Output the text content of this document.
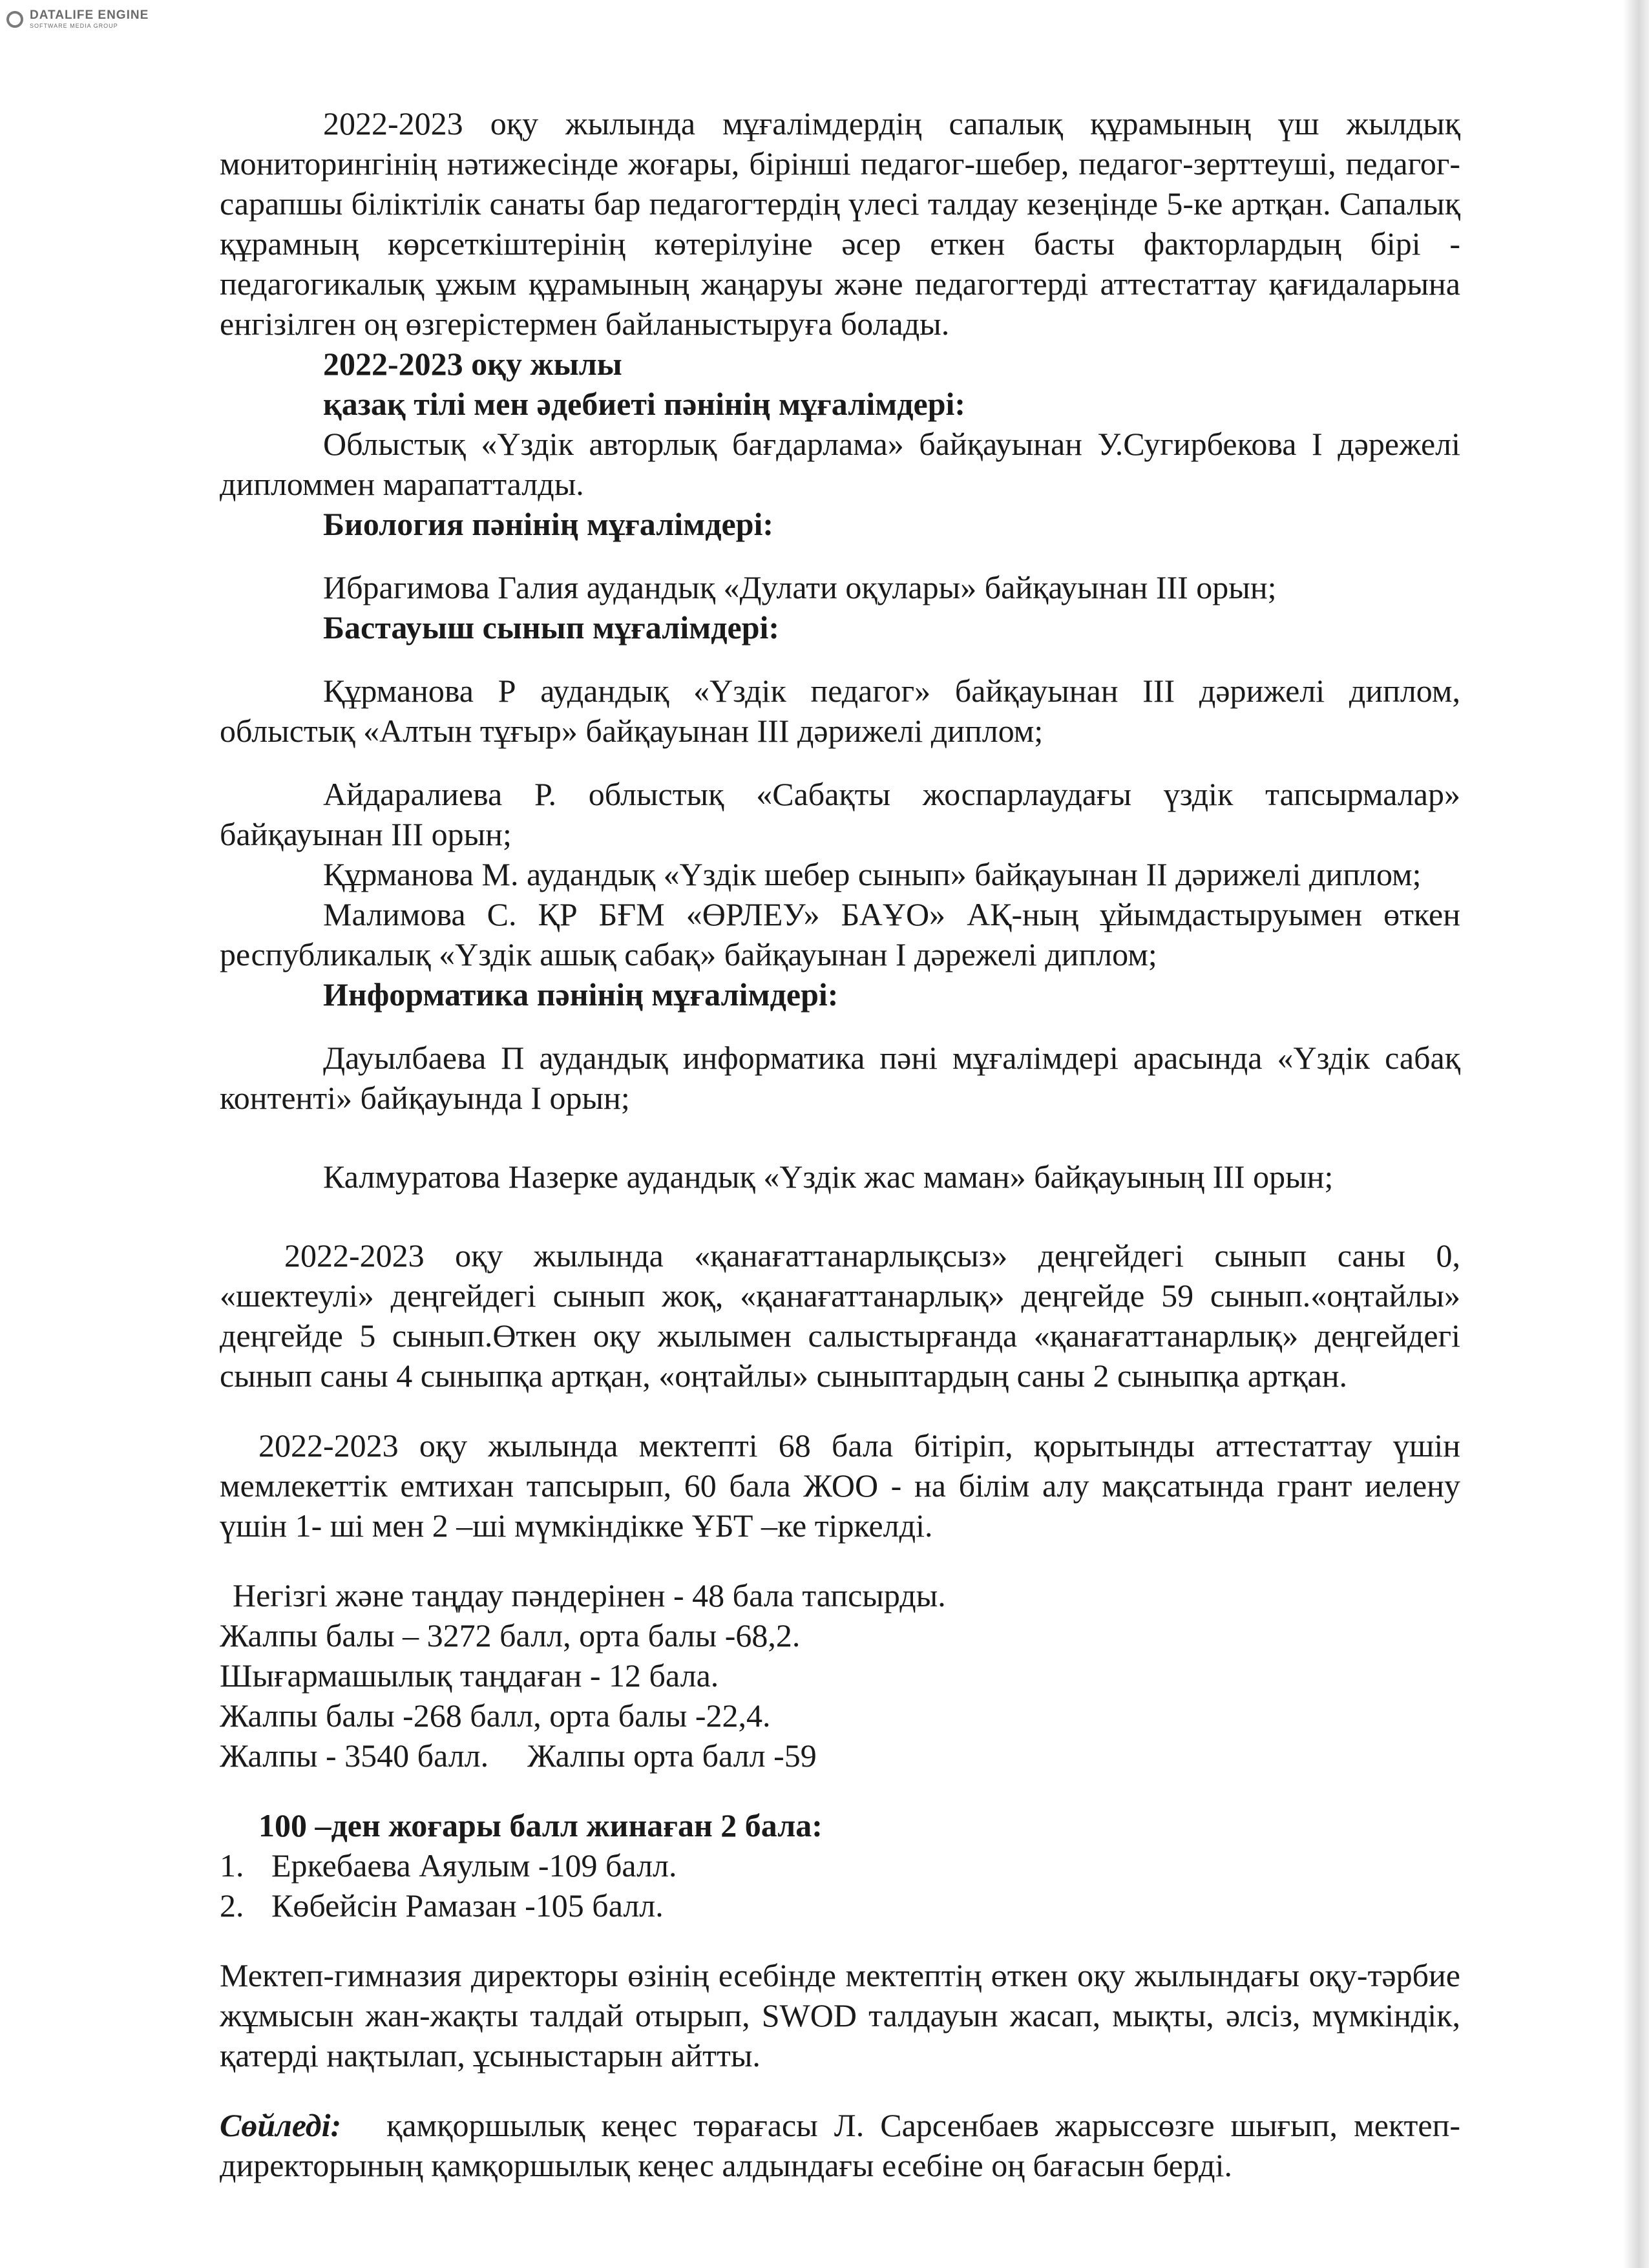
DATALIFE ENGINE
SOFTWARE MEDIA GROUP

2022-2023 оқу жылында мұғалімдердің сапалық құрамының үш жылдық мониторингінің нәтижесінде жоғары, бірінші педагог-шебер, педагог-зерттеуші, педагог-сарапшы біліктілік санаты бар педагогтердің үлесі талдау кезеңінде 5-ке артқан. Сапалық құрамның көрсеткіштерінің көтерілуіне әсер еткен басты факторлардың бірі - педагогикалық ұжым құрамының жаңаруы және педагогтерді аттестаттау қағидаларына енгізілген оң өзгерістермен байланыстыруға болады.

2022-2023 оқу жылы

қазақ тілі мен әдебиеті пәнінің мұғалімдері:

Облыстық «Үздік авторлық бағдарлама» байқауынан У.Сугирбекова І дәрежелі дипломмен марапатталды.

Биология пәнінің мұғалімдері:

Ибрагимова Галия аудандық «Дулати оқулары» байқауынан ІІІ орын;

Бастауыш сынып мұғалімдері:

Құрманова Р аудандық «Үздік педагог» байқауынан ІІІ дәрижелі диплом, облыстық «Алтын тұғыр» байқауынан ІІІ дәрижелі диплом;

Айдаралиева Р. облыстық «Сабақты жоспарлаудағы үздік тапсырмалар» байқауынан ІІІ орын;

Құрманова М. аудандық «Үздік шебер сынып» байқауынан ІІ дәрижелі диплом;

Малимова С. ҚР БҒМ «ӨРЛЕУ» БАҰО» АҚ-ның ұйымдастыруымен өткен республикалық «Үздік ашық сабақ» байқауынан І дәрежелі диплом;

Информатика пәнінің мұғалімдері:

Дауылбаева П аудандық информатика пәні мұғалімдері арасында «Үздік сабақ контенті» байқауында І орын;

Калмуратова Назерке аудандық «Үздік жас маман» байқауының ІІІ орын;

2022-2023 оқу жылында «қанағаттанарлықсыз» деңгейдегі сынып саны 0, «шектеулі» деңгейдегі сынып жоқ, «қанағаттанарлық» деңгейде 59 сынып.«оңтайлы» деңгейде 5 сынып.Өткен оқу жылымен салыстырғанда «қанағаттанарлық» деңгейдегі сынып саны 4 сыныпқа артқан, «оңтайлы» сыныптардың саны 2 сыныпқа артқан.

2022-2023 оқу жылында мектепті 68 бала бітіріп, қорытынды аттестаттау үшін мемлекеттік емтихан тапсырып, 60 бала ЖОО - на білім алу мақсатында грант иелену үшін 1- ші мен 2 –ші мүмкіндікке ҰБТ –ке тіркелді.

Негізгі және таңдау пәндерінен - 48 бала тапсырды.

Жалпы балы – 3272 балл, орта балы -68,2.

Шығармашылық таңдаған - 12 бала.

Жалпы балы -268 балл, орта балы -22,4.

Жалпы - 3540 балл. Жалпы орта балл -59

100 –ден жоғары балл жинаған 2 бала:

1. Еркебаева Аяулым -109 балл.
2. Көбейсін Рамазан -105 балл.

Мектеп-гимназия директоры өзінің есебінде мектептің өткен оқу жылындағы оқу-тәрбие жұмысын жан-жақты талдай отырып, SWOD талдауын жасап, мықты, әлсіз, мүмкіндік, қатерді нақтылап, ұсыныстарын айтты.

Сөйледі: қамқоршылық кеңес төрағасы Л. Сарсенбаев жарыссөзге шығып, мектеп-директорының қамқоршылық кеңес алдындағы есебіне оң бағасын берді.
